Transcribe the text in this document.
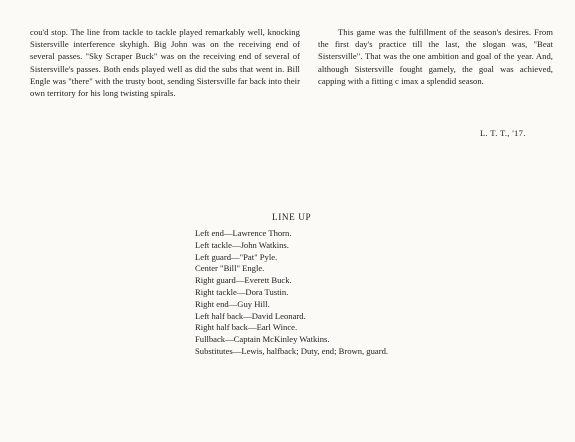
cou'd stop. The line from tackle to tackle played remarkably well, knocking Sistersville interference skyhigh. Big John was on the receiving end of several passes. "Sky Scraper Buck" was on the receiving end of several of Sistersville's passes. Both ends played well as did the subs that went in. Bill Engle was "there" with the trusty boot, sending Sistersville far back into their own territory for his long twisting spirals.

This game was the fulfillment of the season's desires. From the first day's practice till the last, the slogan was, "Beat Sistersville". That was the one ambition and goal of the year. And, although Sistersville fought gamely, the goal was achieved, capping with a fitting c imax a splendid season.

L. T. T., '17.
LINE UP
Left end—Lawrence Thorn.
Left tackle—John Watkins.
Left guard—"Pat" Pyle.
Center "Bill" Engle.
Right guard—Everett Buck.
Right tackle—Dora Tustin.
Right end—Guy Hill.
Left half back—David Leonard.
Right half back—Earl Wince.
Fullback—Captain McKinley Watkins.
Substitutes—Lewis, halfback; Duty, end; Brown, guard.
